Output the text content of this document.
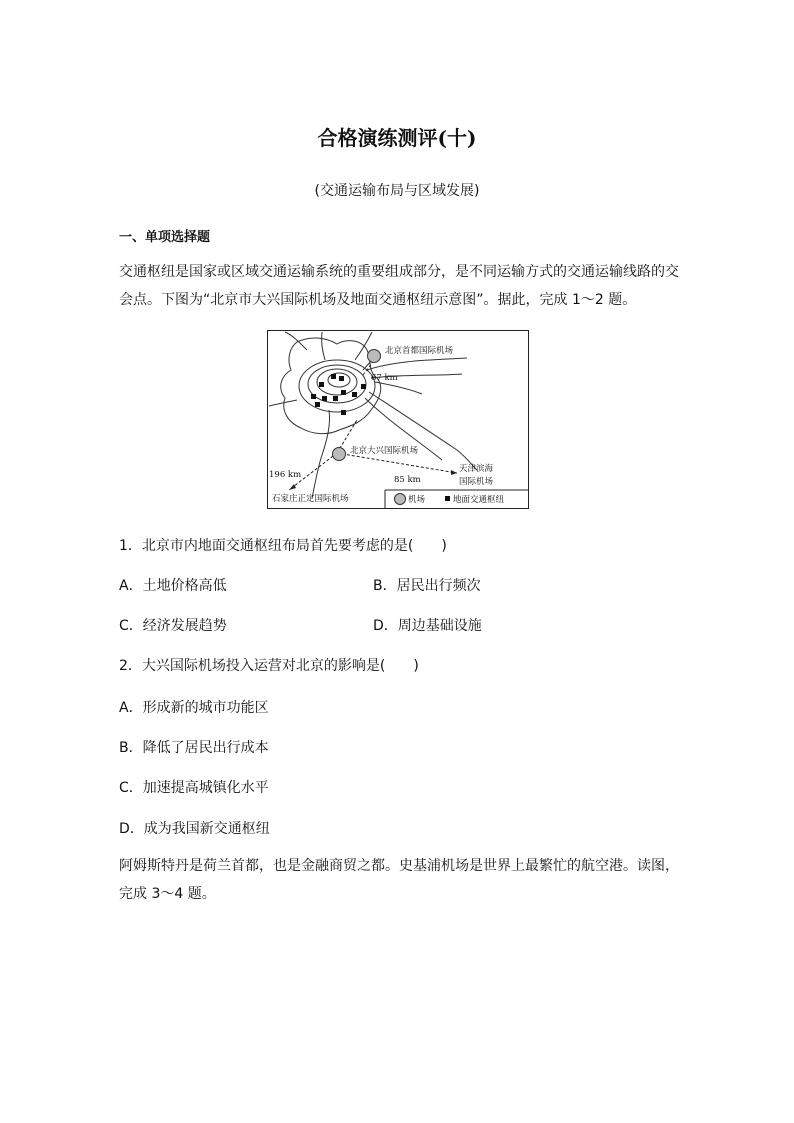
合格演练测评(十)
(交通运输布局与区域发展)
一、单项选择题
交通枢纽是国家或区域交通运输系统的重要组成部分，是不同运输方式的交通运输线路的交会点。下图为“北京市大兴国际机场及地面交通枢纽示意图”。据此，完成 1～2 题。
北京首都国际机场
67 km
北京大兴国际机场
天津滨海
国际机场
196 km	85 km
石家庄正定国际机场	机场	地面交通枢纽
1．北京市内地面交通枢纽布局首先要考虑的是(　　)
A．土地价格高低	B．居民出行频次
C．经济发展趋势	D．周边基础设施
2．大兴国际机场投入运营对北京的影响是(　　)
A．形成新的城市功能区
B．降低了居民出行成本
C．加速提高城镇化水平
D．成为我国新交通枢纽
阿姆斯特丹是荷兰首都，也是金融商贸之都。史基浦机场是世界上最繁忙的航空港。读图，完成 3～4 题。
